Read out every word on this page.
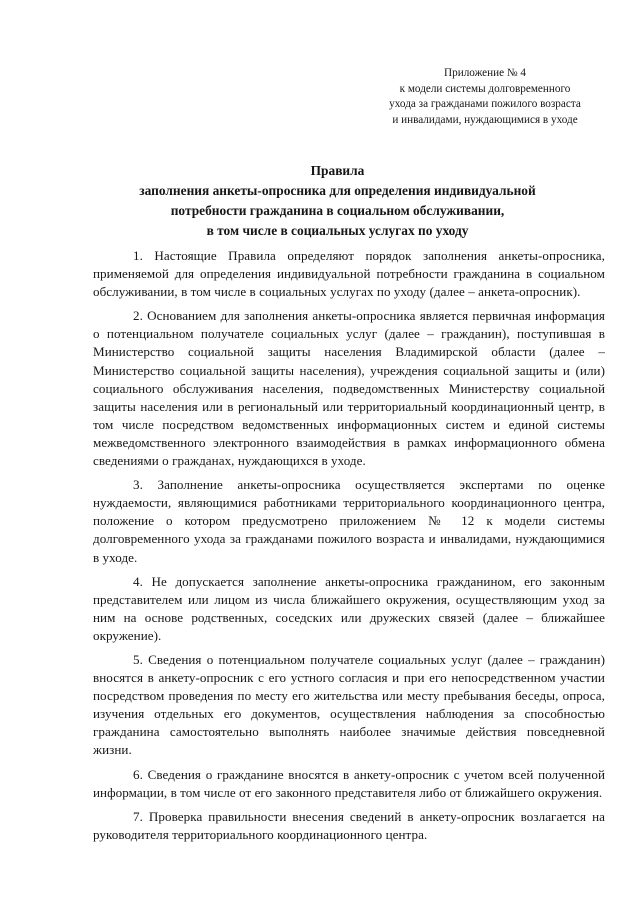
Приложение № 4
к модели системы долговременного
ухода за гражданами пожилого возраста
и инвалидами, нуждающимися в уходе
Правила
заполнения анкеты-опросника для определения индивидуальной
потребности гражданина в социальном обслуживании,
в том числе в социальных услугах по уходу

1. Настоящие Правила определяют порядок заполнения анкеты-опросника, применяемой для определения индивидуальной потребности гражданина в социальном обслуживании, в том числе в социальных услугах по уходу (далее – анкета-опросник).

2. Основанием для заполнения анкеты-опросника является первичная информация о потенциальном получателе социальных услуг (далее – гражданин), поступившая в Министерство социальной защиты населения Владимирской области (далее – Министерство социальной защиты населения), учреждения социальной защиты и (или) социального обслуживания населения, подведомственных Министерству социальной защиты населения или в региональный или территориальный координационный центр, в том числе посредством ведомственных информационных систем и единой системы межведомственного электронного взаимодействия в рамках информационного обмена сведениями о гражданах, нуждающихся в уходе.

3. Заполнение анкеты-опросника осуществляется экспертами по оценке нуждаемости, являющимися работниками территориального координационного центра, положение о котором предусмотрено приложением № 12 к модели системы долговременного ухода за гражданами пожилого возраста и инвалидами, нуждающимися в уходе.

4. Не допускается заполнение анкеты-опросника гражданином, его законным представителем или лицом из числа ближайшего окружения, осуществляющим уход за ним на основе родственных, соседских или дружеских связей (далее – ближайшее окружение).

5. Сведения о потенциальном получателе социальных услуг (далее – гражданин) вносятся в анкету-опросник с его устного согласия и при его непосредственном участии посредством проведения по месту его жительства или месту пребывания беседы, опроса, изучения отдельных его документов, осуществления наблюдения за способностью гражданина самостоятельно выполнять наиболее значимые действия повседневной жизни.

6. Сведения о гражданине вносятся в анкету-опросник с учетом всей полученной информации, в том числе от его законного представителя либо от ближайшего окружения.

7. Проверка правильности внесения сведений в анкету-опросник возлагается на руководителя территориального координационного центра.
